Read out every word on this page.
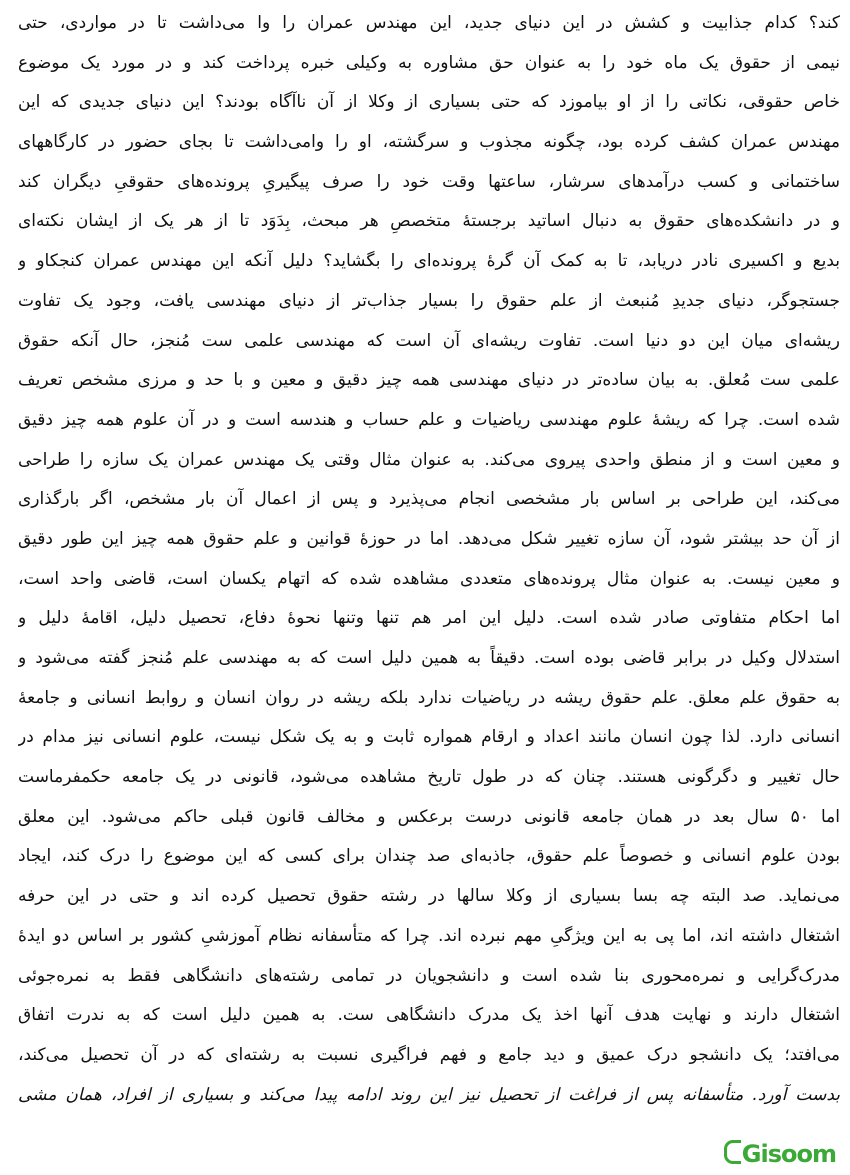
کند؟ کدام جذابیت و کشش در این دنیای جدید، این مهندس عمران را وا می‌داشت تا در مواردی، حتی
نیمی از حقوق یک ماه خود را به عنوان حق مشاوره به وکیلی خبره پرداخت کند و در مورد یک موضوع
خاص حقوقی، نکاتی را از او بیاموزد که حتی بسیاری از وکلا از آن ناآگاه بودند؟ این دنیای جدیدی که این
مهندس عمران کشف کرده بود، چگونه مجذوب و سرگشته، او را وامی‌داشت تا بجای حضور در کارگاههای
ساختمانی و کسب درآمدهای سرشار، ساعتها وقت خود را صرف پیگیریِ پرونده‌های حقوقیِ دیگران کند
و در دانشکده‌های حقوق به دنبال اساتید برجستهٔ متخصصِ هر مبحث، بِدَوَد تا از هر یک از ایشان نکته‌ای
بدیع و اکسیری نادر دریابد، تا به کمک آن گرهٔ پرونده‌ای را بگشاید؟ دلیل آنکه این مهندس عمران کنجکاو و
جستجوگر، دنیای جدیدِ مُنبعث از علم حقوق را بسیار جذاب‌تر از دنیای مهندسی یافت، وجود یک تفاوت
ریشه‌ای میان این دو دنیا است. تفاوت ریشه‌ای آن است که مهندسی علمی ست مُنجز، حال آنکه حقوق
علمی ست مُعلق. به بیان ساده‌تر در دنیای مهندسی همه چیز دقیق و معین و با حد و مرزی مشخص تعریف
شده است. چرا که ریشهٔ علوم مهندسی ریاضیات و علم حساب و هندسه است و در آن علوم همه چیز دقیق
و معین است و از منطق واحدی پیروی می‌کند. به عنوان مثال وقتی یک مهندس عمران یک سازه را طراحی
می‌کند، این طراحی بر اساس بار مشخصی انجام می‌پذیرد و پس از اعمال آن بار مشخص، اگر بارگذاری
از آن حد بیشتر شود، آن سازه تغییر شکل می‌دهد. اما در حوزهٔ قوانین و علم حقوق همه چیز این طور دقیق
و معین نیست. به عنوان مثال پرونده‌های متعددی مشاهده شده که اتهام یکسان است، قاضی واحد است،
اما احکام متفاوتی صادر شده است. دلیل این امر هم تنها وتنها نحوهٔ دفاع، تحصیل دلیل، اقامهٔ دلیل و
استدلال وکیل در برابر قاضی بوده است. دقیقاً به همین دلیل است که به مهندسی علم مُنجز گفته می‌شود و
به حقوق علم معلق. علم حقوق ریشه در ریاضیات ندارد بلکه ریشه در روان انسان و روابط انسانی و جامعهٔ
انسانی دارد. لذا چون انسان مانند اعداد و ارقام همواره ثابت و به یک شکل نیست، علوم انسانی نیز مدام در
حال تغییر و دگرگونی هستند. چنان که در طول تاریخ مشاهده می‌شود، قانونی در یک جامعه حکمفرماست
اما ۵۰ سال بعد در همان جامعه قانونی درست برعکس و مخالف قانون قبلی حاکم می‌شود. این معلق
بودن علوم انسانی و خصوصاً علم حقوق، جاذبه‌ای صد چندان برای کسی که این موضوع را درک کند، ایجاد
می‌نماید. صد البته چه بسا بسیاری از وکلا سالها در رشته حقوق تحصیل کرده اند و حتی در این حرفه
اشتغال داشته اند، اما پی به این ویژگیِ مهم نبرده اند. چرا که متأسفانه نظام آموزشیِ کشور بر اساس دو ایدهٔ
مدرک‌گرایی و نمره‌محوری بنا شده است و دانشجویان در تمامی رشته‌های دانشگاهی فقط به نمره‌جوئی
اشتغال دارند و نهایت هدف آنها اخذ یک مدرک دانشگاهی ست. به همین دلیل است که به ندرت اتفاق
می‌افتد؛ یک دانشجو درک عمیق و دید جامع و فهم فراگیری نسبت به رشته‌ای که در آن تحصیل می‌کند،
بدست آورد. متأسفانه پس از فراغت از تحصیل نیز این روند ادامه پیدا می‌کند و بسیاری از افراد، همان مشی
Gisoom
